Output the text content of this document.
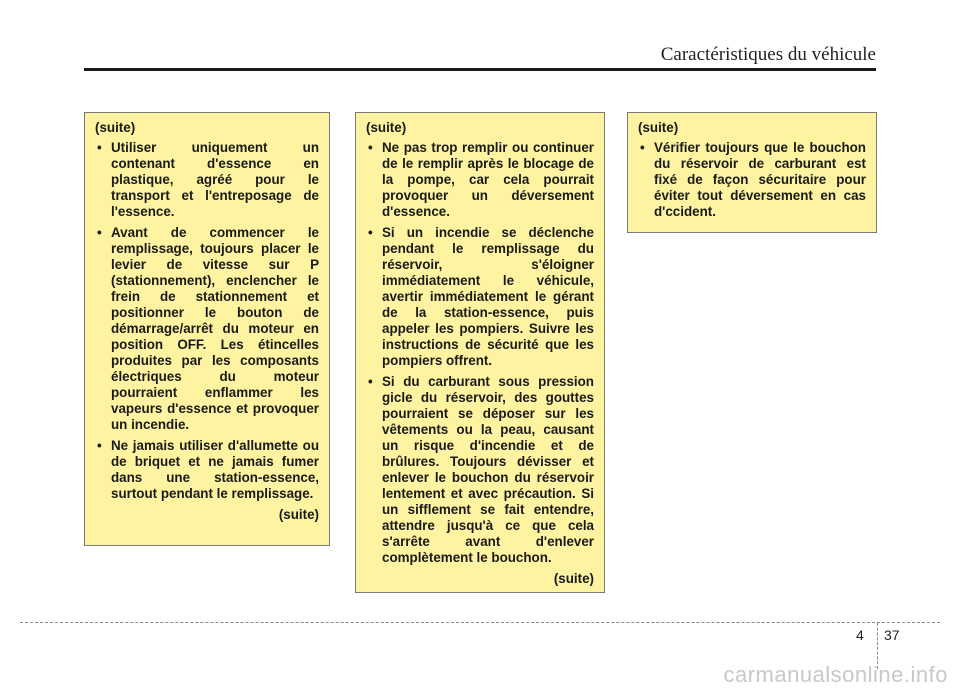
Caractéristiques du véhicule
(suite)
• Utiliser uniquement un contenant d'essence en plastique, agréé pour le transport et l'entreposage de l'essence.
• Avant de commencer le remplissage, toujours placer le levier de vitesse sur P (stationnement), enclencher le frein de stationnement et positionner le bouton de démarrage/arrêt du moteur en position OFF. Les étincelles produites par les composants électriques du moteur pourraient enflammer les vapeurs d'essence et provoquer un incendie.
• Ne jamais utiliser d'allumette ou de briquet et ne jamais fumer dans une station-essence, surtout pendant le remplissage.
(suite)
(suite)
• Ne pas trop remplir ou continuer de le remplir après le blocage de la pompe, car cela pourrait provoquer un déversement d'essence.
• Si un incendie se déclenche pendant le remplissage du réservoir, s'éloigner immédiatement le véhicule, avertir immédiatement le gérant de la station-essence, puis appeler les pompiers. Suivre les instructions de sécurité que les pompiers offrent.
• Si du carburant sous pression gicle du réservoir, des gouttes pourraient se déposer sur les vêtements ou la peau, causant un risque d'incendie et de brûlures. Toujours dévisser et enlever le bouchon du réservoir lentement et avec précaution. Si un sifflement se fait entendre, attendre jusqu'à ce que cela s'arrête avant d'enlever complètement le bouchon.
(suite)
(suite)
• Vérifier toujours que le bouchon du réservoir de carburant est fixé de façon sécuritaire pour éviter tout déversement en cas d'ccident.
4 37
carmanualsonline.info
